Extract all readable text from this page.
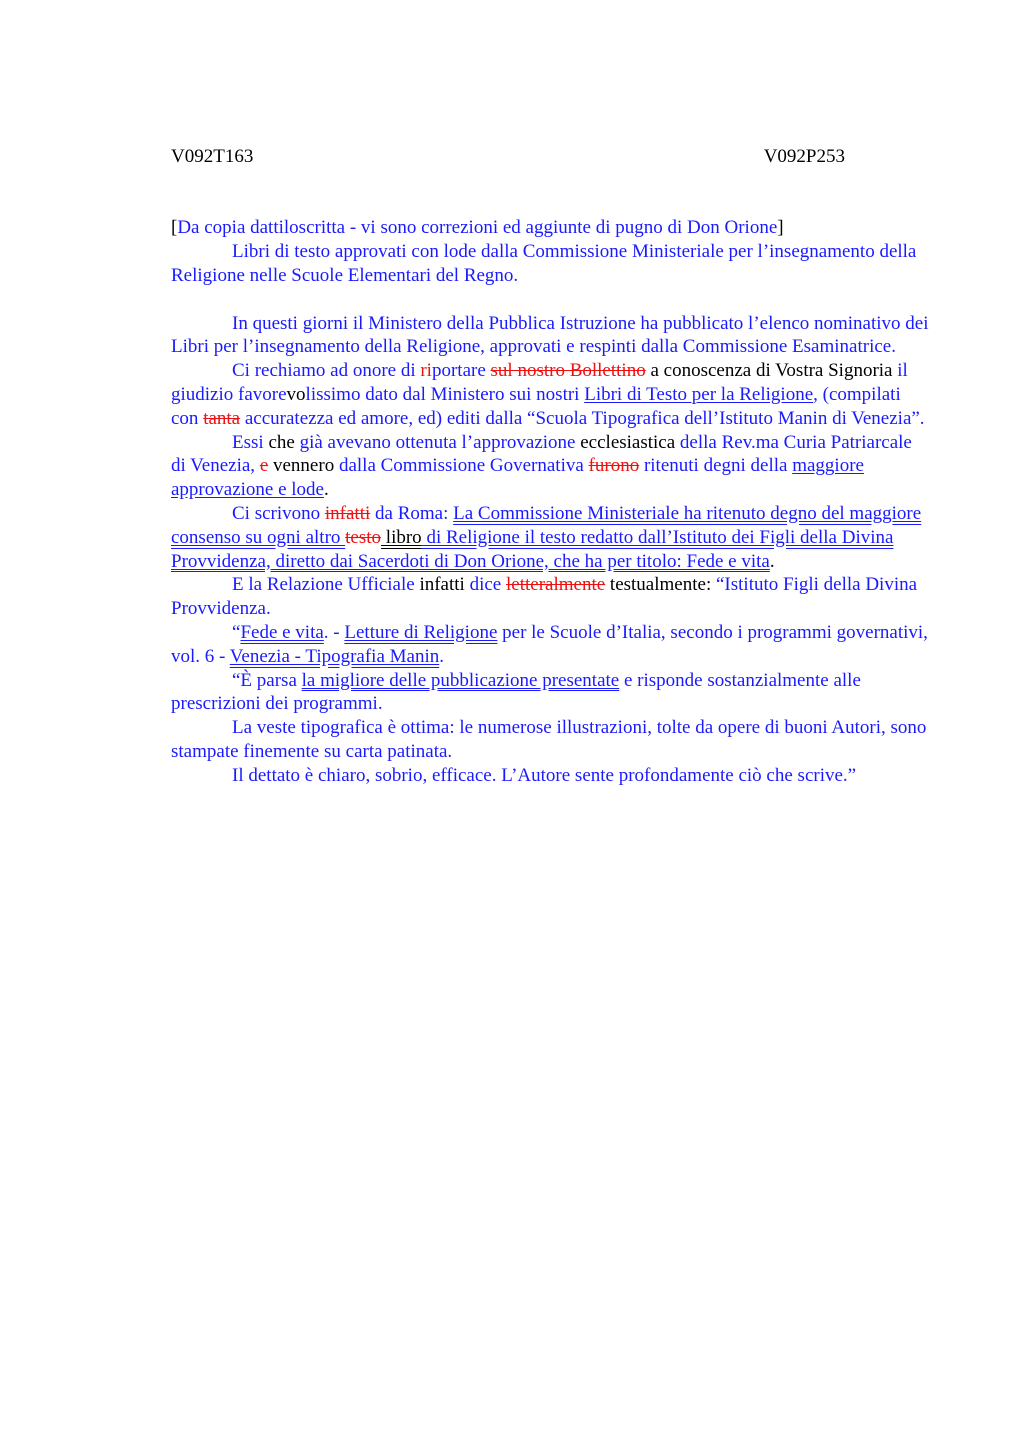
V092T163	V092P253
[Da copia dattiloscritta - vi sono correzioni ed aggiunte di pugno di Don Orione]

Libri di testo approvati con lode dalla Commissione Ministeriale per l’insegnamento della Religione nelle Scuole Elementari del Regno.

In questi giorni il Ministero della Pubblica Istruzione ha pubblicato l’elenco nominativo dei Libri per l’insegnamento della Religione, approvati e respinti dalla Commissione Esaminatrice.

Ci rechiamo ad onore di riportare sul nostro Bollettino a conoscenza di Vostra Signoria il giudizio favorevolissimo dato dal Ministero sui nostri Libri di Testo per la Religione, (compilati con tanta accuratezza ed amore, ed) editi dalla “Scuola Tipografica dell’Istituto Manin di Venezia”.

Essi che già avevano ottenuta l’approvazione ecclesiastica della Rev.ma Curia Patriarcale di Venezia, e vennero dalla Commissione Governativa furono ritenuti degni della maggiore approvazione e lode.

Ci scrivono infatti da Roma: La Commissione Ministeriale ha ritenuto degno del maggiore consenso su ogni altro testo libro di Religione il testo redatto dall’Istituto dei Figli della Divina Provvidenza, diretto dai Sacerdoti di Don Orione, che ha per titolo: Fede e vita.

E la Relazione Ufficiale infatti dice letteralmente testualmente: “Istituto Figli della Divina Provvidenza.

“Fede e vita. - Letture di Religione per le Scuole d’Italia, secondo i programmi governativi, vol. 6 - Venezia - Tipografia Manin.

“È parsa la migliore delle pubblicazione presentate e risponde sostanzialmente alle prescrizioni dei programmi.

La veste tipografica è ottima: le numerose illustrazioni, tolte da opere di buoni Autori, sono stampate finemente su carta patinata.

Il dettato è chiaro, sobrio, efficace. L’Autore sente profondamente ciò che scrive.”
